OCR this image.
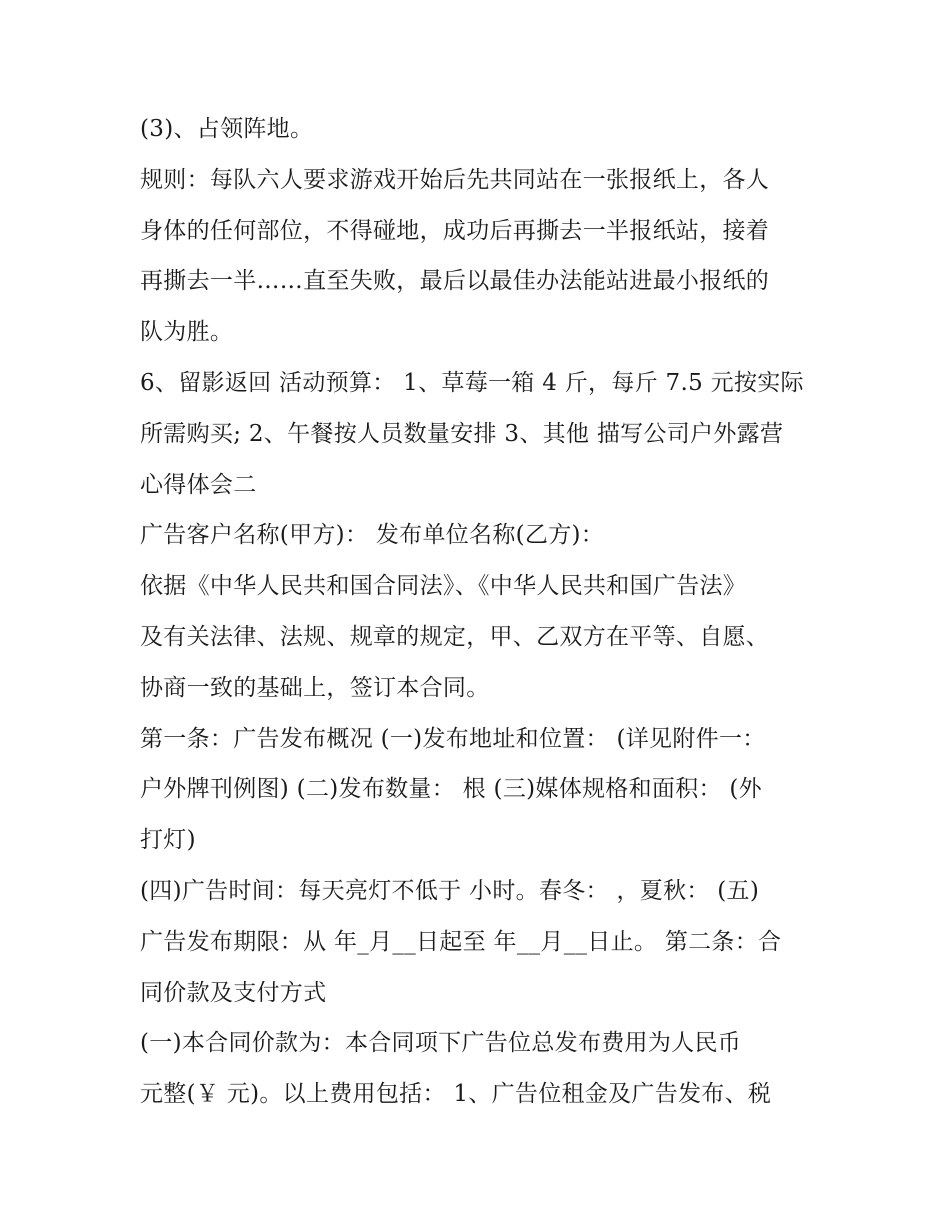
(3)、占领阵地。
规则：每队六人要求游戏开始后先共同站在一张报纸上，各人
身体的任何部位，不得碰地，成功后再撕去一半报纸站，接着
再撕去一半……直至失败，最后以最佳办法能站进最小报纸的
队为胜。
6、留影返回 活动预算： 1、草莓一箱 4 斤，每斤 7.5 元按实际
所需购买; 2、午餐按人员数量安排 3、其他 描写公司户外露营
心得体会二
广告客户名称(甲方)： 发布单位名称(乙方)：
依据《中华人民共和国合同法》、《中华人民共和国广告法》
及有关法律、法规、规章的规定，甲、乙双方在平等、自愿、
协商一致的基础上，签订本合同。
第一条：广告发布概况 (一)发布地址和位置： (详见附件一：
户外牌刊例图) (二)发布数量： 根 (三)媒体规格和面积： (外
打灯)
(四)广告时间：每天亮灯不低于 小时。春冬： ，夏秋： (五)
广告发布期限：从 年_月__日起至 年__月__日止。 第二条：合
同价款及支付方式
(一)本合同价款为：本合同项下广告位总发布费用为人民币
元整(￥ 元)。以上费用包括： 1、广告位租金及广告发布、税
